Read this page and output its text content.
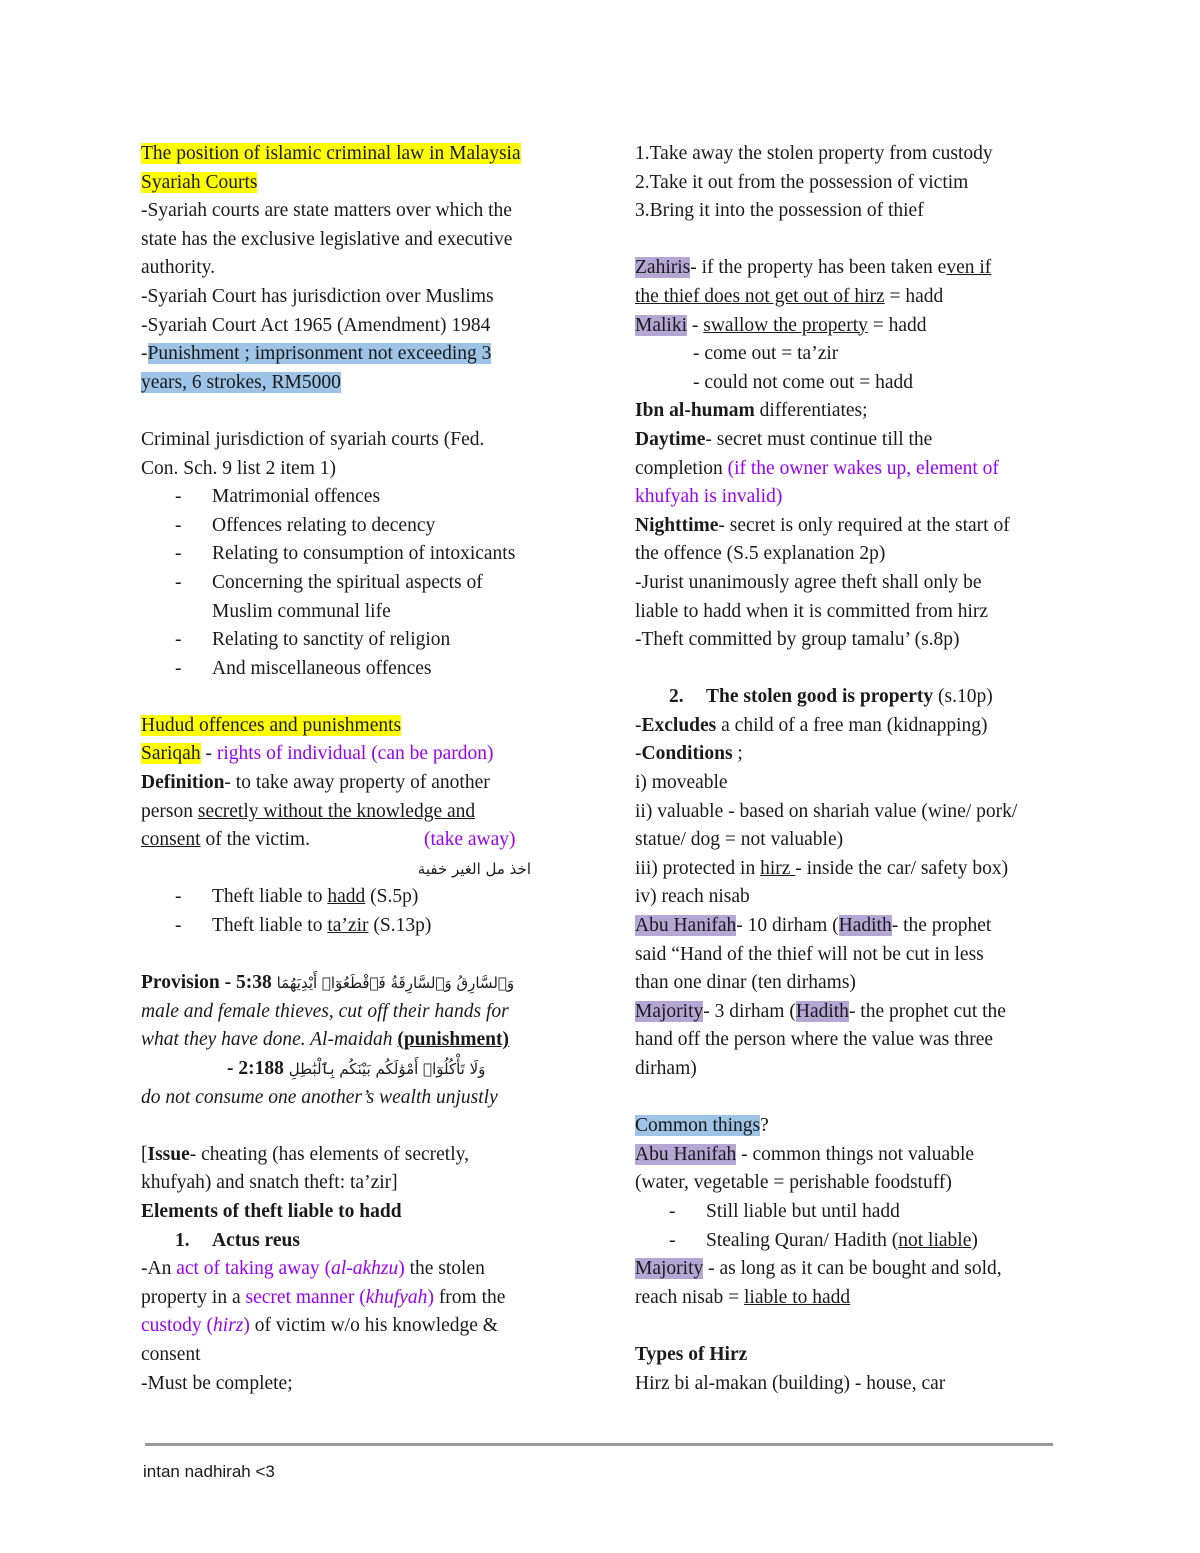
The position of islamic criminal law in Malaysia
Syariah Courts
-Syariah courts are state matters over which the
state has the exclusive legislative and executive
authority.
-Syariah Court has jurisdiction over Muslims
-Syariah Court Act 1965 (Amendment) 1984
-Punishment ; imprisonment not exceeding 3
years, 6 strokes, RM5000
Criminal jurisdiction of syariah courts (Fed.
Con. Sch. 9 list 2 item 1)
- Matrimonial offences
- Offences relating to decency
- Relating to consumption of intoxicants
- Concerning the spiritual aspects of
Muslim communal life
- Relating to sanctity of religion
- And miscellaneous offences
Hudud offences and punishments
Sariqah - rights of individual (can be pardon)
Definition- to take away property of another
person secretly without the knowledge and
consent of the victim.	(take away)
اخذ مل الغير خفية
- Theft liable to hadd (S.5p)
- Theft liable to ta’zir (S.13p)
Provision - 5:38 وَٱلسَّارِقُ وَٱلسَّارِقَةُ فَٱقْطَعُوٓا۟ أَيْدِيَهُمَا
male and female thieves, cut off their hands for
what they have done. Al-maidah (punishment)
- 2:188 وَلَا تَأْكُلُوٓا۟ أَمْوَٰلَكُم بَيْنَكُم بِٱلْبَٰطِلِ
do not consume one another’s wealth unjustly
[Issue- cheating (has elements of secretly,
khufyah) and snatch theft: ta’zir]
Elements of theft liable to hadd
1. Actus reus
-An act of taking away (al-akhzu) the stolen
property in a secret manner (khufyah) from the
custody (hirz) of victim w/o his knowledge &
consent
-Must be complete;
1.Take away the stolen property from custody
2.Take it out from the possession of victim
3.Bring it into the possession of thief
Zahiris- if the property has been taken even if
the thief does not get out of hirz = hadd
Maliki - swallow the property = hadd
- come out = ta’zir
- could not come out = hadd
Ibn al-humam differentiates;
Daytime- secret must continue till the
completion (if the owner wakes up, element of
khufyah is invalid)
Nighttime- secret is only required at the start of
the offence (S.5 explanation 2p)
-Jurist unanimously agree theft shall only be
liable to hadd when it is committed from hirz
-Theft committed by group tamalu’ (s.8p)
2. The stolen good is property (s.10p)
-Excludes a child of a free man (kidnapping)
-Conditions ;
i) moveable
ii) valuable - based on shariah value (wine/ pork/
statue/ dog = not valuable)
iii) protected in hirz - inside the car/ safety box)
iv) reach nisab
Abu Hanifah- 10 dirham (Hadith- the prophet
said “Hand of the thief will not be cut in less
than one dinar (ten dirhams)
Majority- 3 dirham (Hadith- the prophet cut the
hand off the person where the value was three
dirham)
Common things?
Abu Hanifah - common things not valuable
(water, vegetable = perishable foodstuff)
- Still liable but until hadd
- Stealing Quran/ Hadith (not liable)
Majority - as long as it can be bought and sold,
reach nisab = liable to hadd
Types of Hirz
Hirz bi al-makan (building) - house, car
intan nadhirah <3
